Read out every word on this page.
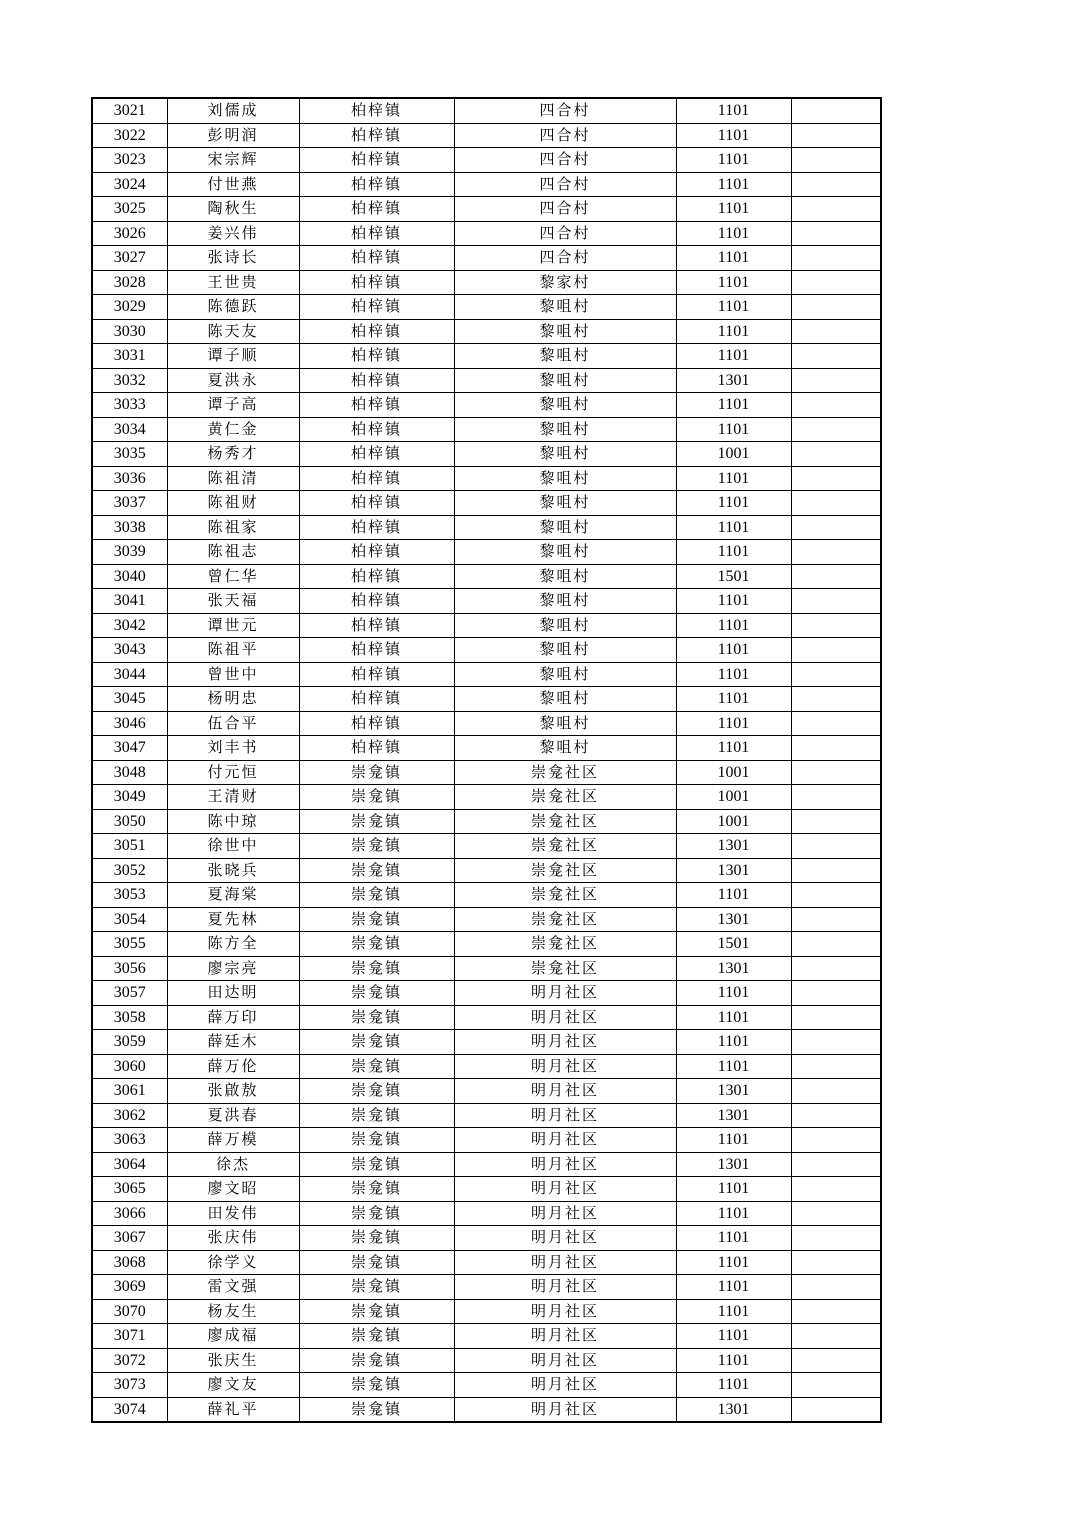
3021	刘儒成	柏梓镇	四合村	1101	
3022	彭明润	柏梓镇	四合村	1101	
3023	宋宗辉	柏梓镇	四合村	1101	
3024	付世燕	柏梓镇	四合村	1101	
3025	陶秋生	柏梓镇	四合村	1101	
3026	姜兴伟	柏梓镇	四合村	1101	
3027	张诗长	柏梓镇	四合村	1101	
3028	王世贵	柏梓镇	黎家村	1101	
3029	陈德跃	柏梓镇	黎咀村	1101	
3030	陈天友	柏梓镇	黎咀村	1101	
3031	谭子顺	柏梓镇	黎咀村	1101	
3032	夏洪永	柏梓镇	黎咀村	1301	
3033	谭子高	柏梓镇	黎咀村	1101	
3034	黄仁金	柏梓镇	黎咀村	1101	
3035	杨秀才	柏梓镇	黎咀村	1001	
3036	陈祖清	柏梓镇	黎咀村	1101	
3037	陈祖财	柏梓镇	黎咀村	1101	
3038	陈祖家	柏梓镇	黎咀村	1101	
3039	陈祖志	柏梓镇	黎咀村	1101	
3040	曾仁华	柏梓镇	黎咀村	1501	
3041	张天福	柏梓镇	黎咀村	1101	
3042	谭世元	柏梓镇	黎咀村	1101	
3043	陈祖平	柏梓镇	黎咀村	1101	
3044	曾世中	柏梓镇	黎咀村	1101	
3045	杨明忠	柏梓镇	黎咀村	1101	
3046	伍合平	柏梓镇	黎咀村	1101	
3047	刘丰书	柏梓镇	黎咀村	1101	
3048	付元恒	崇龛镇	崇龛社区	1001	
3049	王清财	崇龛镇	崇龛社区	1001	
3050	陈中琼	崇龛镇	崇龛社区	1001	
3051	徐世中	崇龛镇	崇龛社区	1301	
3052	张晓兵	崇龛镇	崇龛社区	1301	
3053	夏海棠	崇龛镇	崇龛社区	1101	
3054	夏先林	崇龛镇	崇龛社区	1301	
3055	陈方全	崇龛镇	崇龛社区	1501	
3056	廖宗亮	崇龛镇	崇龛社区	1301	
3057	田达明	崇龛镇	明月社区	1101	
3058	薛万印	崇龛镇	明月社区	1101	
3059	薛廷木	崇龛镇	明月社区	1101	
3060	薛万伦	崇龛镇	明月社区	1101	
3061	张啟敖	崇龛镇	明月社区	1301	
3062	夏洪春	崇龛镇	明月社区	1301	
3063	薛万模	崇龛镇	明月社区	1101	
3064	徐杰	崇龛镇	明月社区	1301	
3065	廖文昭	崇龛镇	明月社区	1101	
3066	田发伟	崇龛镇	明月社区	1101	
3067	张庆伟	崇龛镇	明月社区	1101	
3068	徐学义	崇龛镇	明月社区	1101	
3069	雷文强	崇龛镇	明月社区	1101	
3070	杨友生	崇龛镇	明月社区	1101	
3071	廖成福	崇龛镇	明月社区	1101	
3072	张庆生	崇龛镇	明月社区	1101	
3073	廖文友	崇龛镇	明月社区	1101	
3074	薛礼平	崇龛镇	明月社区	1301	
